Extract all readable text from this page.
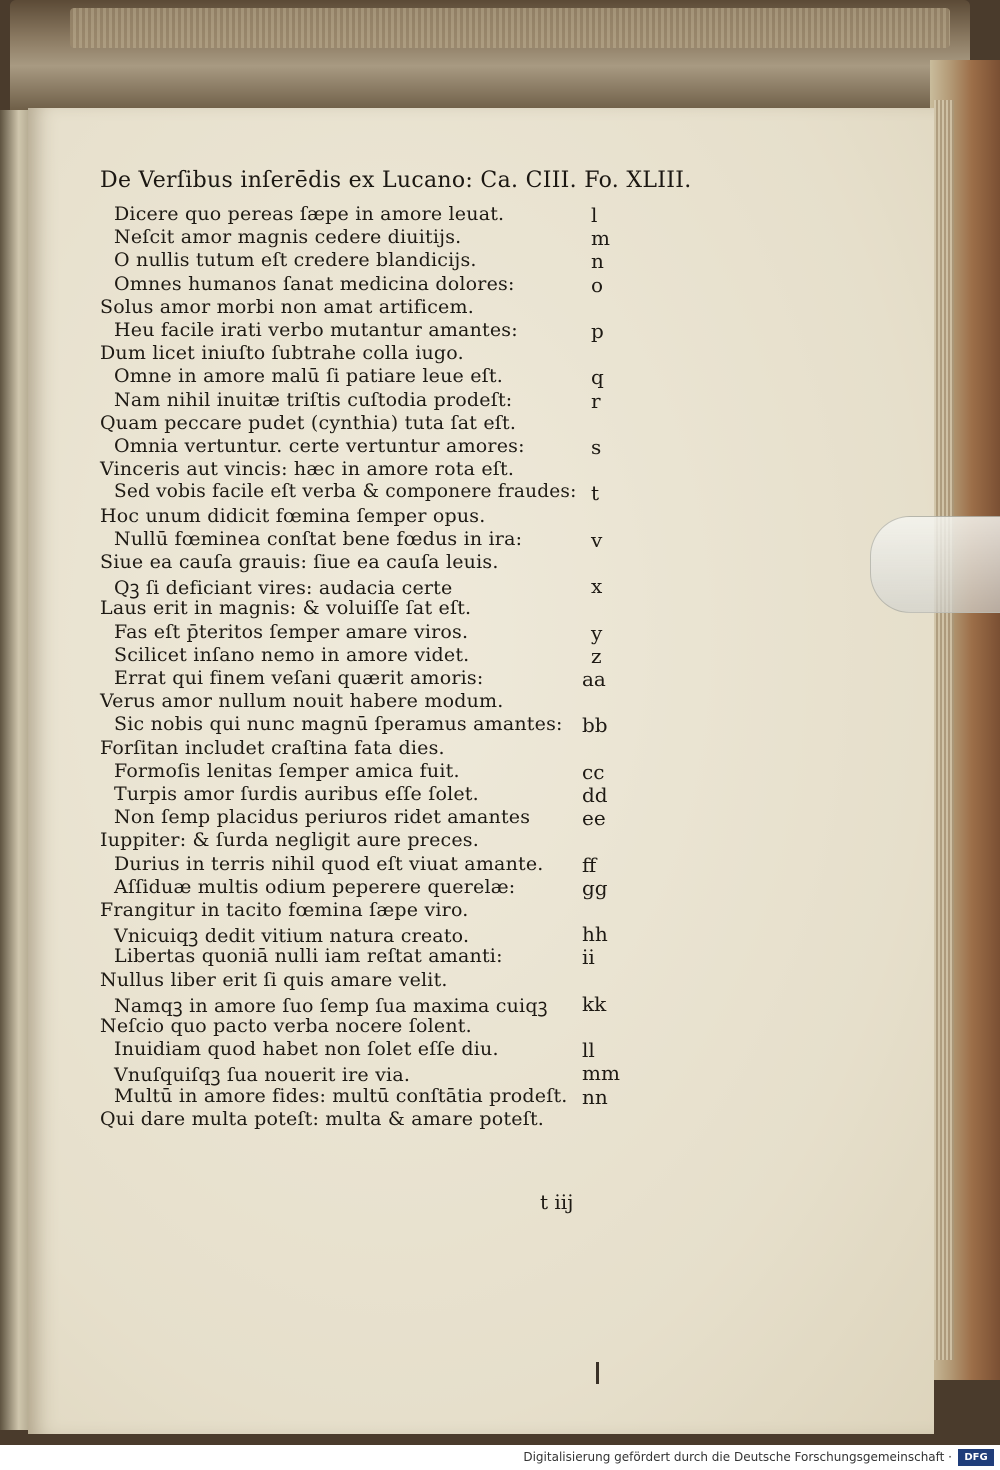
De Verſibus inſerēdis ex Lucano: Ca. CIII. Fo. XLIII.
Dicere quo pereas ſæpe in amore leuat.	l
Neſcit amor magnis cedere diuitijs.	m
O nullis tutum eſt credere blandicijs.	n
Omnes humanos ſanat medicina dolores:	o
Solus amor morbi non amat artificem.
Heu facile irati verbo mutantur amantes:	p
Dum licet iniuſto ſubtrahe colla iugo.
Omne in amore malū ſi patiare leue eſt.	q
Nam nihil inuitæ triſtis cuſtodia prodeſt:	r
Quam peccare pudet (cynthia) tuta ſat eſt.
Omnia vertuntur. certe vertuntur amores:	s
Vinceris aut vincis: hæc in amore rota eſt.
Sed vobis facile eſt verba & componere fraudes: t
Hoc unum didicit fœmina ſemper opus.
Nullū fœminea conſtat bene fœdus in ira:	v
Siue ea cauſa grauis: ſiue ea cauſa leuis.
Qꝫ ſi deficiant vires: audacia certe	x
Laus erit in magnis: & voluiſſe ſat eſt.
Fas eſt p̄teritos ſemper amare viros.	y
Scilicet inſano nemo in amore videt.	z
Errat qui finem veſani quærit amoris:	aa
Verus amor nullum nouit habere modum.
Sic nobis qui nunc magnū ſperamus amantes: bb
Forſitan includet craſtina fata dies.
Formoſis lenitas ſemper amica fuit.	cc
Turpis amor ſurdis auribus eſſe ſolet.	dd
Non ſemp placidus periuros ridet amantes	ee
Iuppiter: & ſurda negligit aure preces.
Durius in terris nihil quod eſt viuat amante. ff
Aſſiduæ multis odium peperere querelæ:	gg
Frangitur in tacito fœmina ſæpe viro.
Vnicuiqꝫ dedit vitium natura creato.	hh
Libertas quoniā nulli iam reſtat amanti:	ii
Nullus liber erit ſi quis amare velit.
Namqꝫ in amore ſuo ſemp ſua maxima cuiqꝫ kk
Neſcio quo pacto verba nocere ſolent.
Inuidiam quod habet non ſolet eſſe diu.	ll
Vnuſquiſqꝫ ſua nouerit ire via.	mm
Multū in amore fides: multū conſtātia prodeſt. nn
Qui dare multa poteſt: multa & amare poteſt.
t iij
Digitalisierung gefördert durch die Deutsche Forschungsgemeinschaft ·	DFG
